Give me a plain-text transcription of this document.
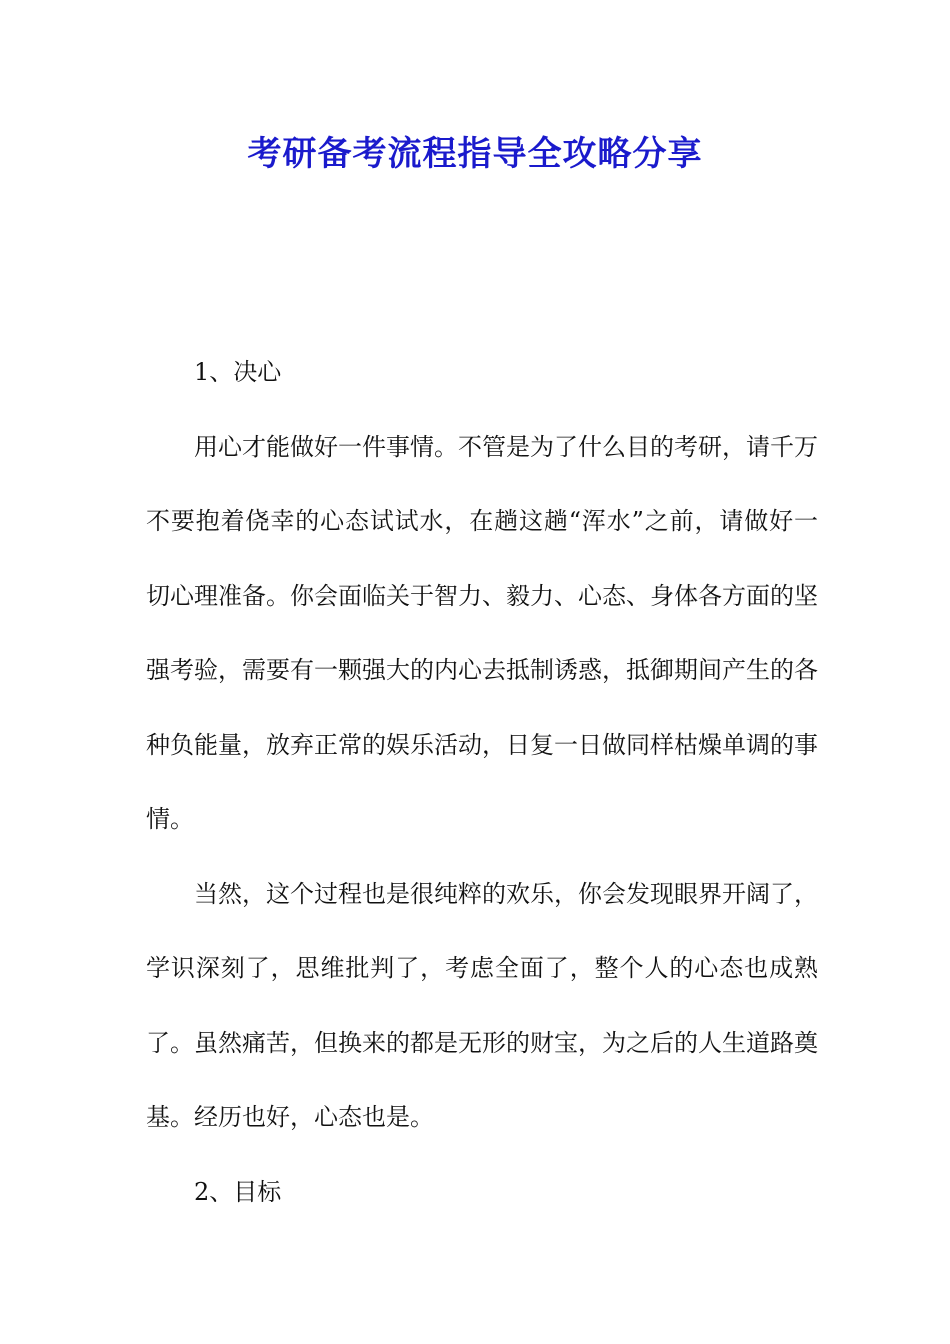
考研备考流程指导全攻略分享

1、决心

用心才能做好一件事情。不管是为了什么目的考研，请千万不要抱着侥幸的心态试试水，在趟这趟“浑水”之前，请做好一切心理准备。你会面临关于智力、毅力、心态、身体各方面的坚强考验，需要有一颗强大的内心去抵制诱惑，抵御期间产生的各种负能量，放弃正常的娱乐活动，日复一日做同样枯燥单调的事情。

当然，这个过程也是很纯粹的欢乐，你会发现眼界开阔了，学识深刻了，思维批判了，考虑全面了，整个人的心态也成熟了。虽然痛苦，但换来的都是无形的财宝，为之后的人生道路奠基。经历也好，心态也是。

2、目标
